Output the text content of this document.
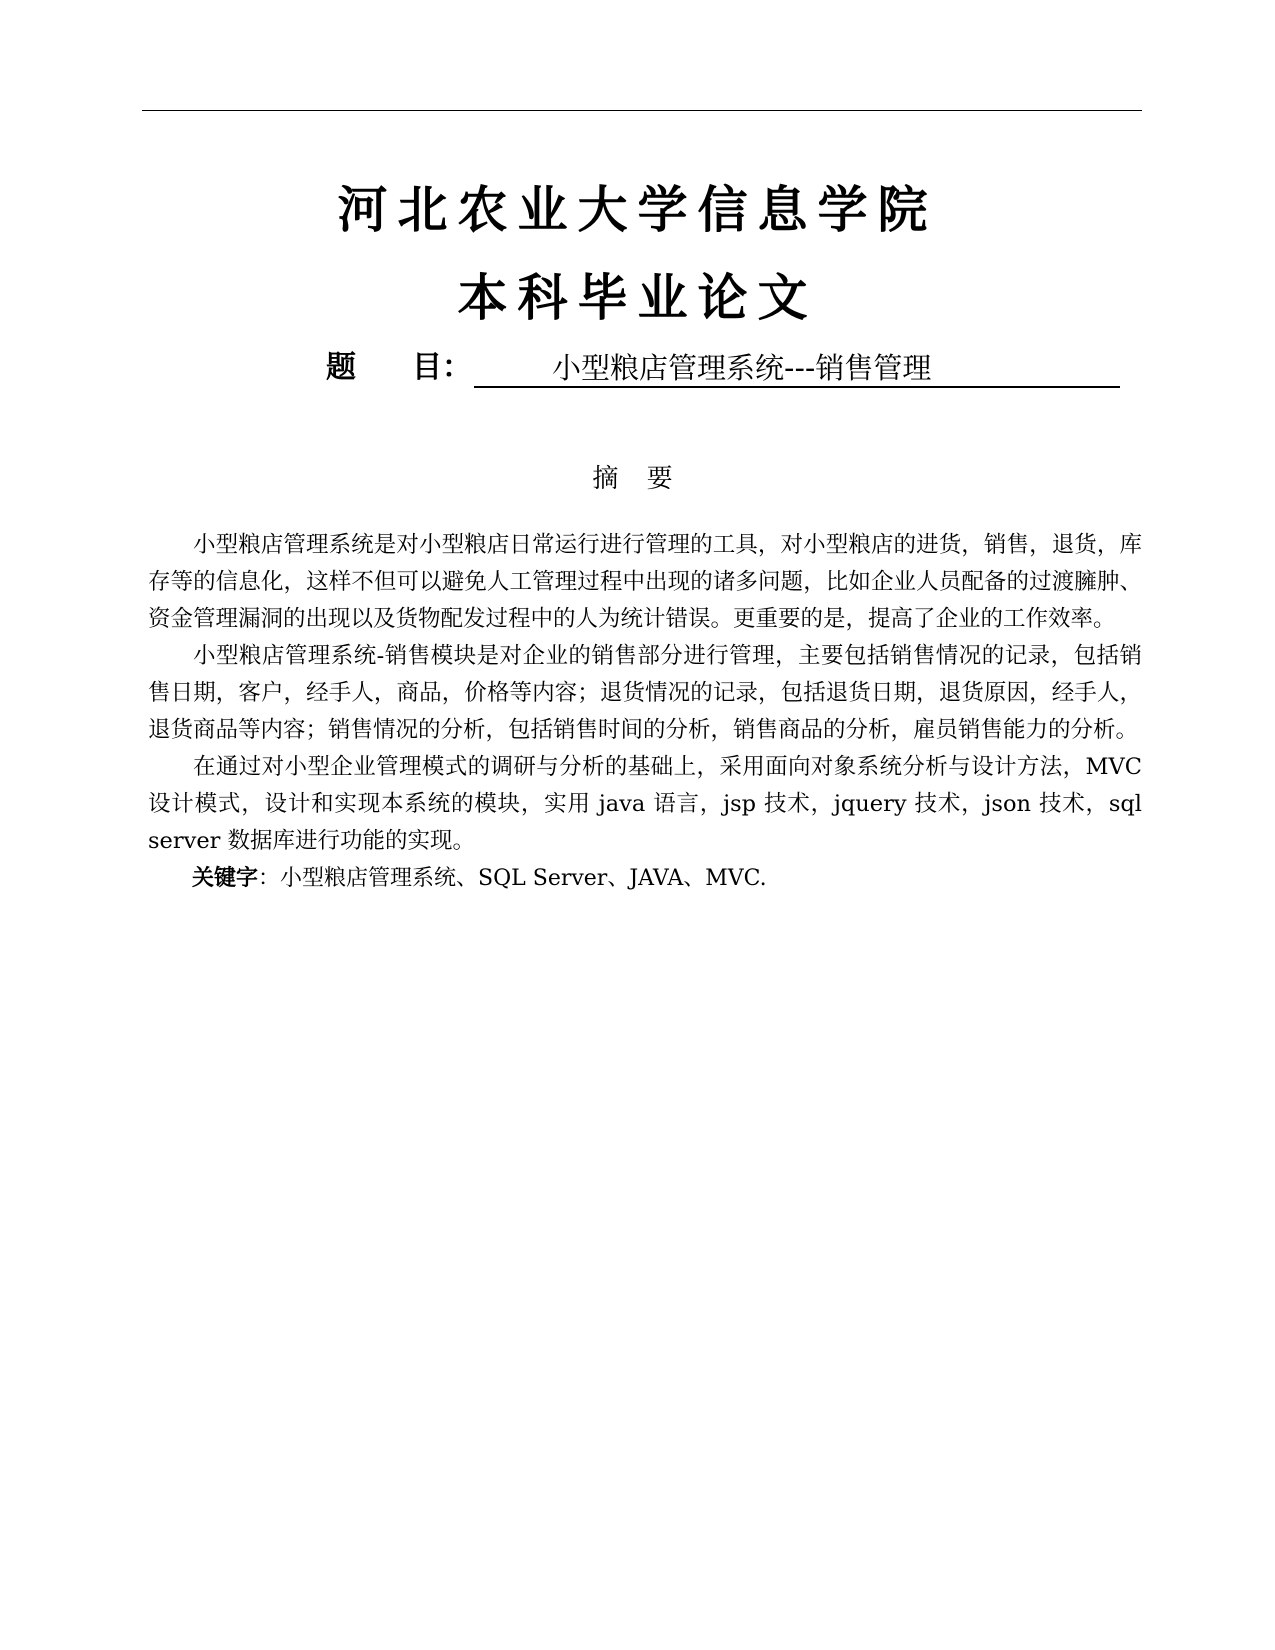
河北农业大学信息学院
本科毕业论文
题 目：	小型粮店管理系统---销售管理
摘 要

小型粮店管理系统是对小型粮店日常运行进行管理的工具，对小型粮店的进货，销售，退货，库存等的信息化，这样不但可以避免人工管理过程中出现的诸多问题，比如企业人员配备的过渡臃肿、资金管理漏洞的出现以及货物配发过程中的人为统计错误。更重要的是，提高了企业的工作效率。

小型粮店管理系统-销售模块是对企业的销售部分进行管理，主要包括销售情况的记录，包括销售日期，客户，经手人，商品，价格等内容；退货情况的记录，包括退货日期，退货原因，经手人，退货商品等内容；销售情况的分析，包括销售时间的分析，销售商品的分析，雇员销售能力的分析。

在通过对小型企业管理模式的调研与分析的基础上，采用面向对象系统分析与设计方法，MVC 设计模式，设计和实现本系统的模块，实用 java 语言，jsp 技术，jquery 技术，json 技术，sql server 数据库进行功能的实现。

关键字：小型粮店管理系统、SQL Server、JAVA、MVC.
